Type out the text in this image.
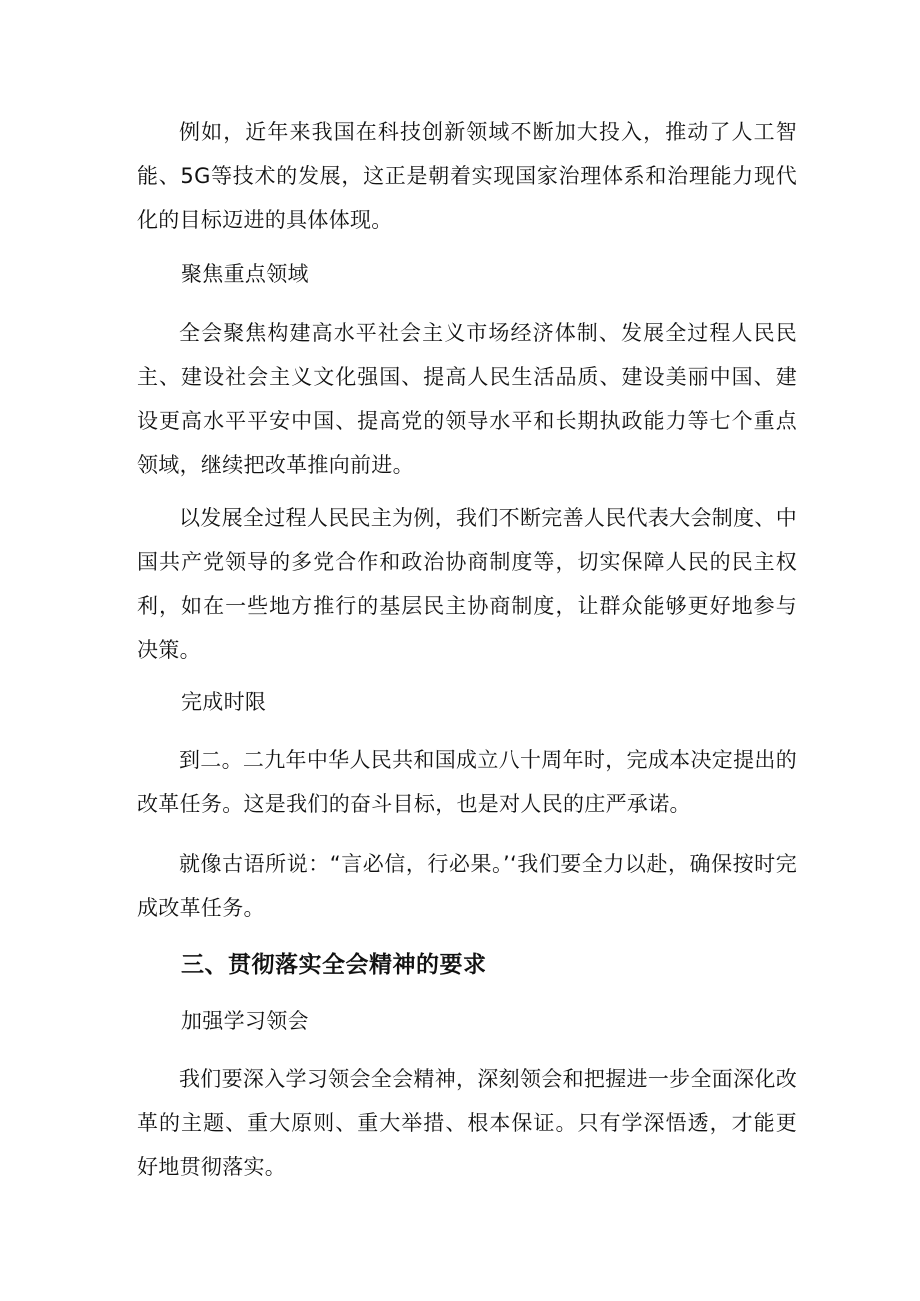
例如，近年来我国在科技创新领域不断加大投入，推动了人工智能、5G等技术的发展，这正是朝着实现国家治理体系和治理能力现代化的目标迈进的具体体现。

聚焦重点领域

全会聚焦构建高水平社会主义市场经济体制、发展全过程人民民主、建设社会主义文化强国、提高人民生活品质、建设美丽中国、建设更高水平平安中国、提高党的领导水平和长期执政能力等七个重点领域，继续把改革推向前进。

以发展全过程人民民主为例，我们不断完善人民代表大会制度、中国共产党领导的多党合作和政治协商制度等，切实保障人民的民主权利，如在一些地方推行的基层民主协商制度，让群众能够更好地参与决策。

完成时限

到二。二九年中华人民共和国成立八十周年时，完成本决定提出的改革任务。这是我们的奋斗目标，也是对人民的庄严承诺。

就像古语所说：“言必信，行必果。’‘我们要全力以赴，确保按时完成改革任务。

三、贯彻落实全会精神的要求

加强学习领会

我们要深入学习领会全会精神，深刻领会和把握进一步全面深化改革的主题、重大原则、重大举措、根本保证。只有学深悟透，才能更好地贯彻落实。
